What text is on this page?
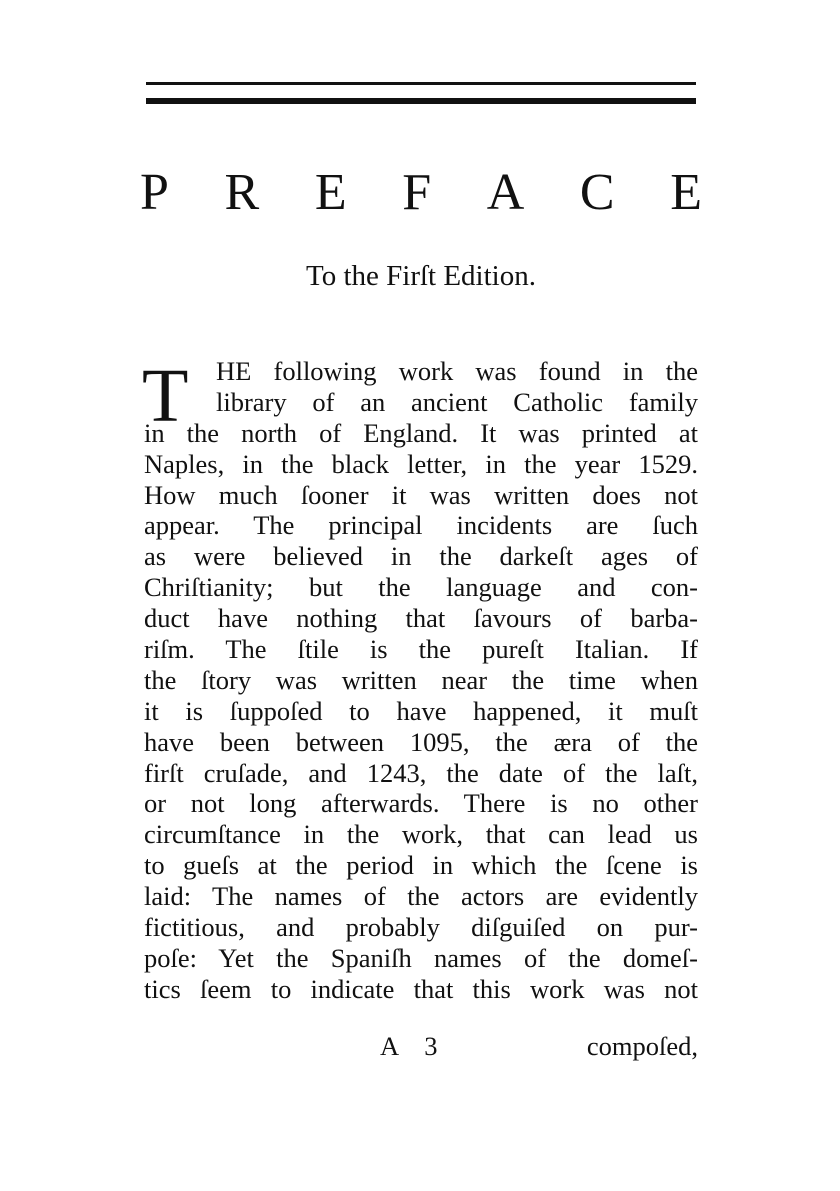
P R E F A C E
To the Firſt Edition.
T	HE following work was found in the
library of an ancient Catholic family
in the north of England. It was printed at
Naples, in the black letter, in the year 1529.
How much ſooner it was written does not
appear. The principal incidents are ſuch
as were believed in the darkeſt ages of
Chriſtianity; but the language and con-
duct have nothing that ſavours of barba-
riſm. The ſtile is the pureſt Italian. If
the ſtory was written near the time when
it is ſuppoſed to have happened, it muſt
have been between 1095, the æra of the
firſt cruſade, and 1243, the date of the laſt,
or not long afterwards. There is no other
circumſtance in the work, that can lead us
to gueſs at the period in which the ſcene is
laid: The names of the actors are evidently
fictitious, and probably diſguiſed on pur-
poſe: Yet the Spaniſh names of the domeſ-
tics ſeem to indicate that this work was not
A 3	compoſed,
